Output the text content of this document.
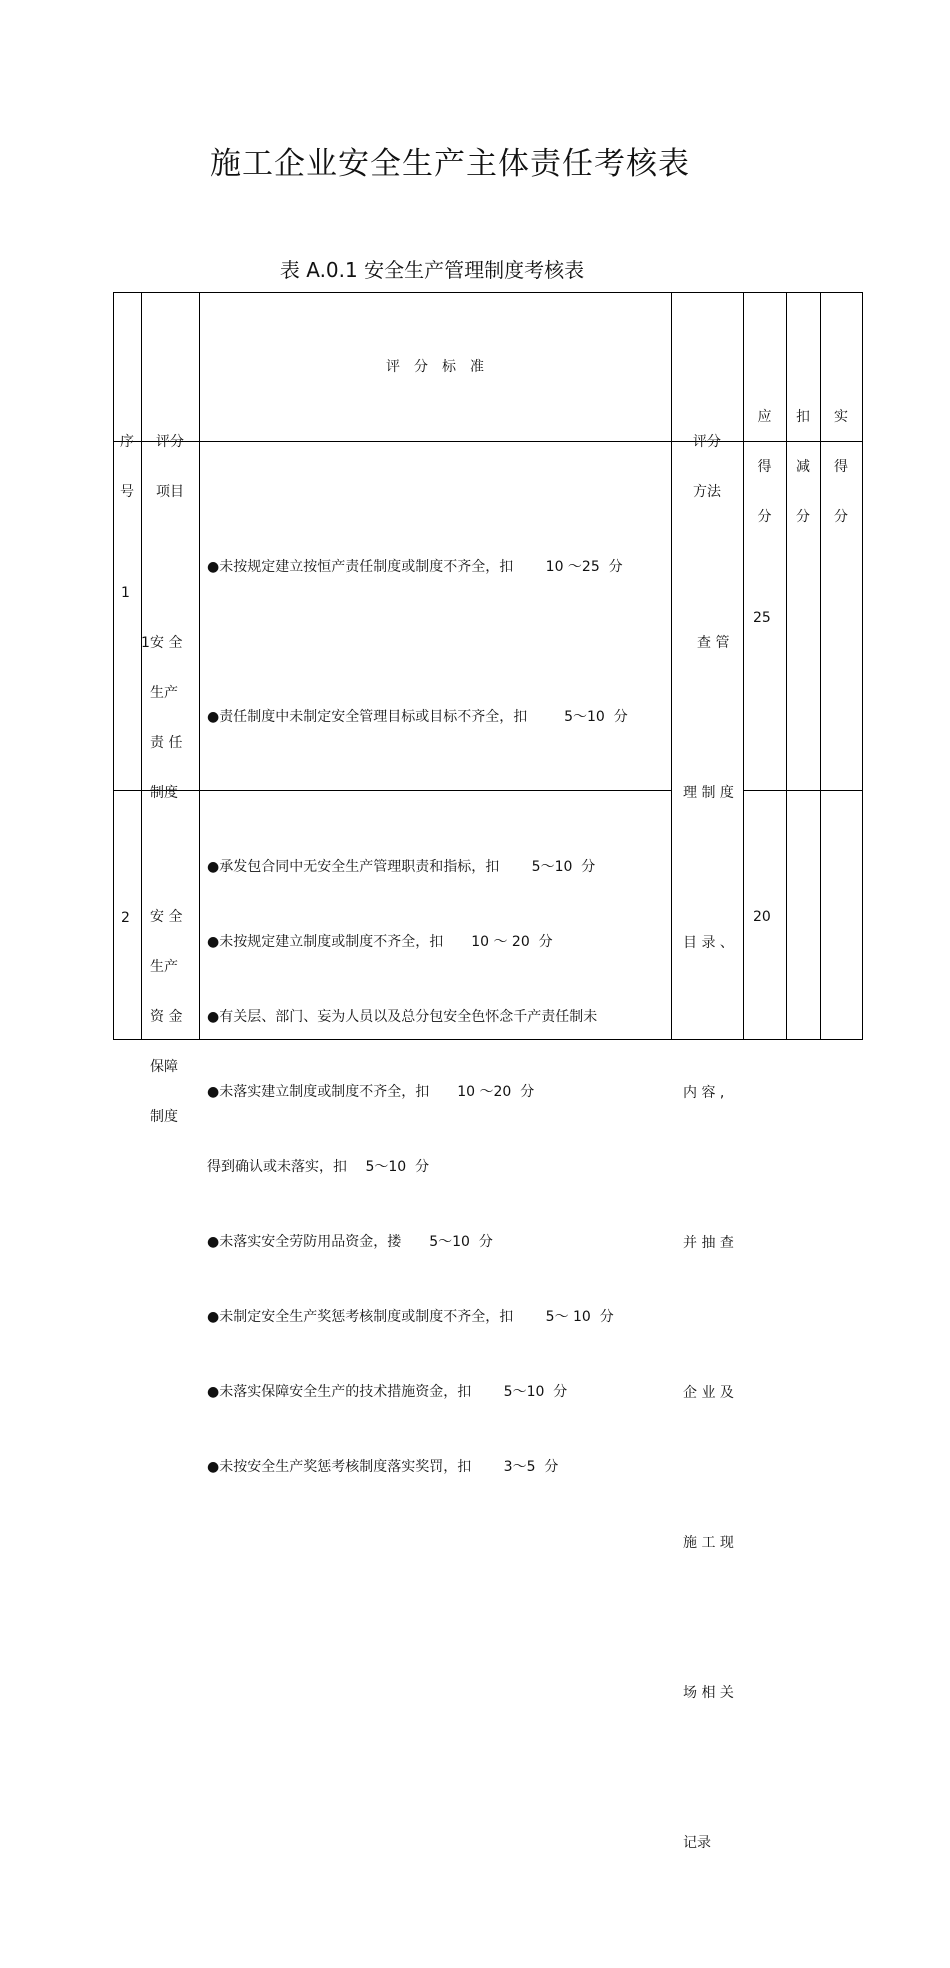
施工企业安全生产主体责任考核表
表 A.0.1 安全生产管理制度考核表

序
号

评分
项目

评　分　标　准

评分
方法

应
得
分

扣
减
分

实
得
分

1
1

安 全
生产
责 任
制度

●未按规定建立按恒产责任制度或制度不齐全，扣　　 10 ～25  分

●责任制度中未制定安全管理目标或目标不齐全，扣　　  5～10  分

●承发包合同中无安全生产管理职责和指标，扣　　 5～10  分

●有关层、部门、妄为人员以及总分包安全色怀念千产责任制未

得到确认或未落实，扣　 5～10  分

●未制定安全生产奖惩考核制度或制度不齐全，扣　　 5～ 10  分

●未按安全生产奖惩考核制度落实奖罚，扣　　 3～5  分

25

查 管

理 制 度

目 录 、

内 容 ,

并 抽 查

企 业 及

施 工 现

场 相 关

记录

2

安 全
生产
资 金
保障
制度

●未按规定建立制度或制度不齐全，扣　　10 ～ 20  分

●未落实建立制度或制度不齐全，扣　　10 ～20  分

●未落实安全劳防用品资金，搂　　5～10  分

●未落实保障安全生产的技术措施资金，扣　　 5～10  分

20
